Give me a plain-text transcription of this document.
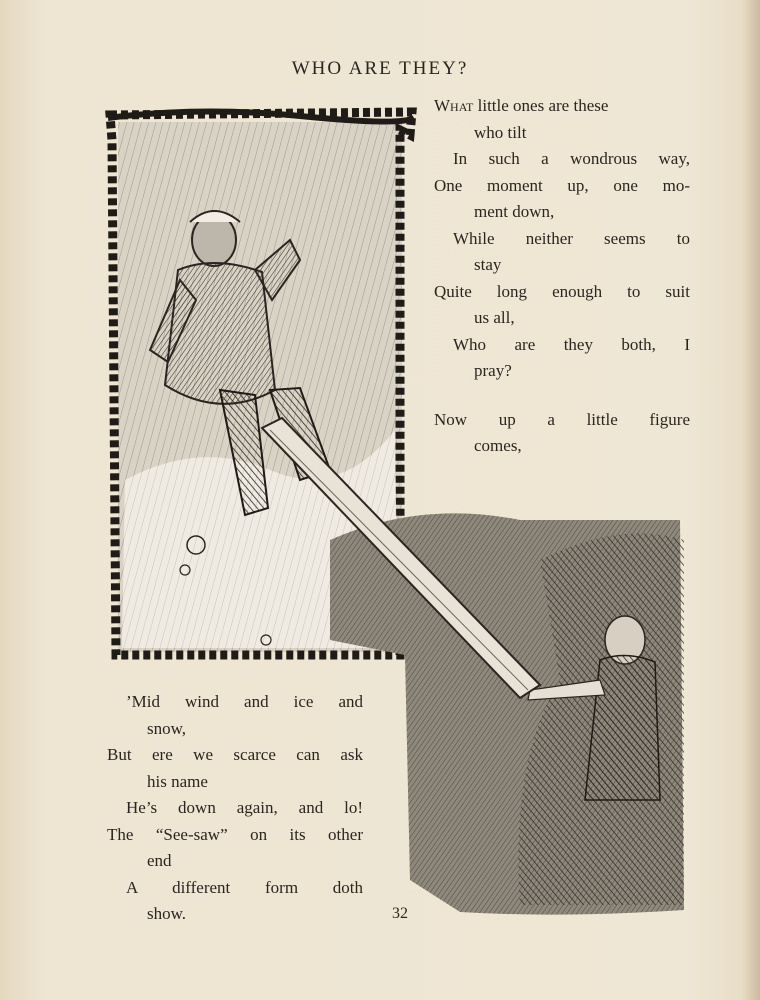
WHO ARE THEY?
What little ones are these
who tilt
In such a wondrous way,
One moment up, one mo-
ment down,
While neither seems to
stay
Quite long enough to suit
us all,
Who are they both, I
pray?
Now up a little figure
comes,
’Mid wind and ice and
snow,
But ere we scarce can ask
his name
He’s down again, and lo!
The “See-saw” on its other
end
A different form doth
show.	32
